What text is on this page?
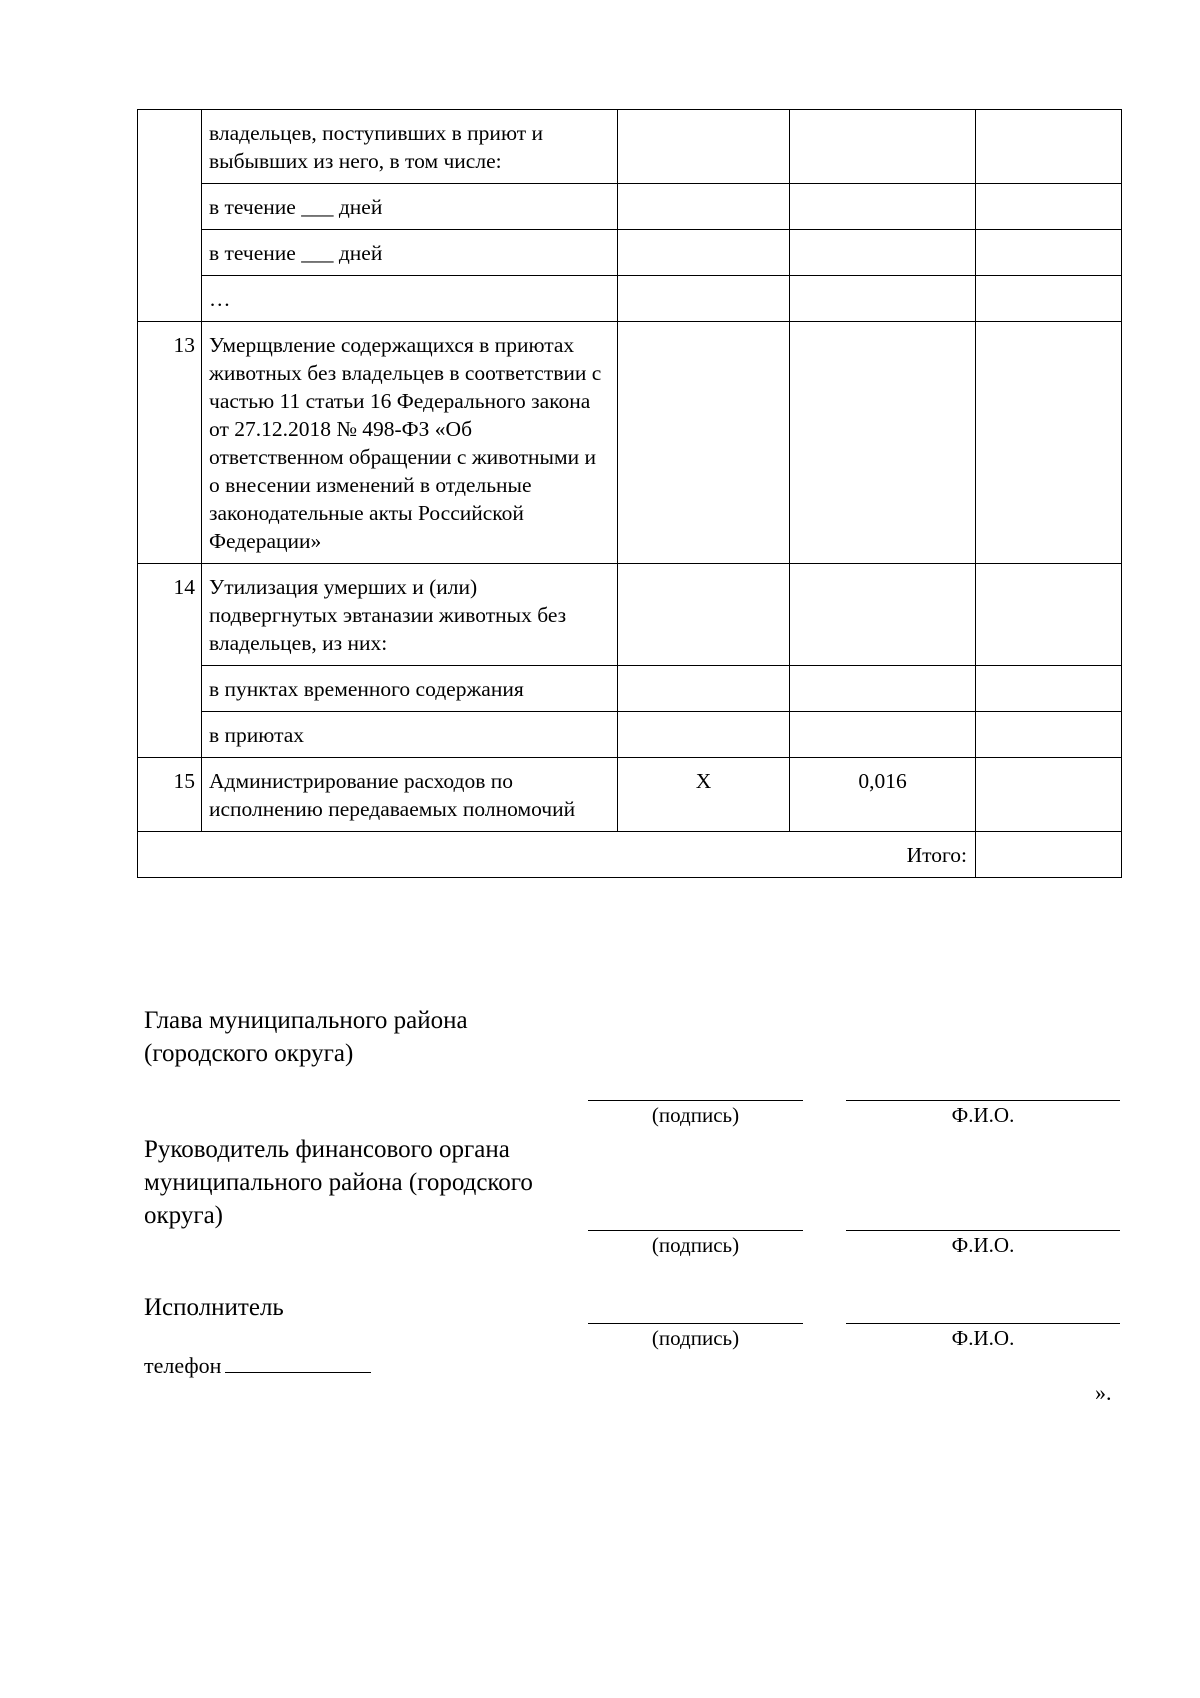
	владельцев, поступивших в приют и выбывших из него, в том числе:			
	в течение ___ дней			
	в течение ___ дней			
	…			
13	Умерщвление содержащихся в приютах животных без владельцев в соответствии с частью 11 статьи 16 Федерального закона от 27.12.2018 № 498-ФЗ «Об ответственном обращении с животными и о внесении изменений в отдельные законодательные акты Российской Федерации»			
14	Утилизация умерших и (или) подвергнутых эвтаназии животных без владельцев, из них:			
	в пунктах временного содержания			
	в приютах			
15	Администрирование расходов по исполнению передаваемых полномочий	Х	0,016	
Итого:				
Глава муниципального района (городского округа)
(подпись)	Ф.И.О.
Руководитель финансового органа муниципального района (городского округа)
(подпись)	Ф.И.О.
Исполнитель
(подпись)	Ф.И.О.
телефон
».
